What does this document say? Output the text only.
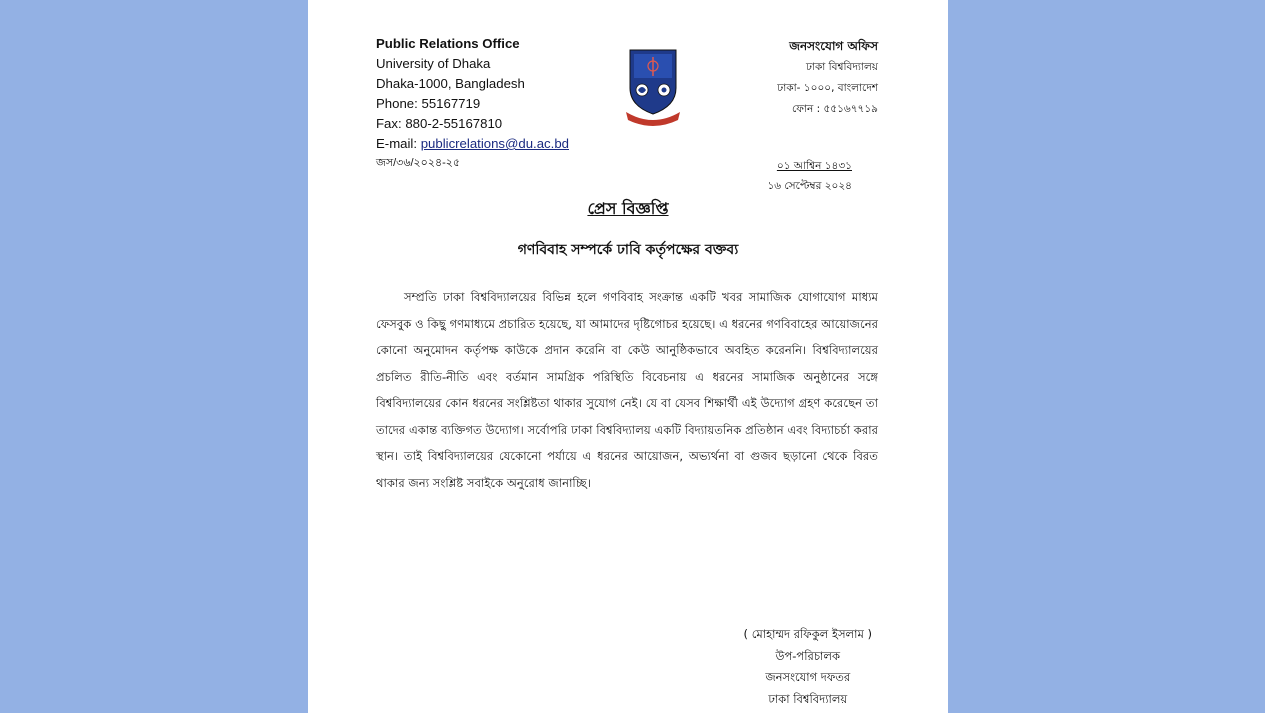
Public Relations Office
University of Dhaka
Dhaka-1000, Bangladesh
Phone: 55167719
Fax: 880-2-55167810
E-mail: publicrelations@du.ac.bd
জস/৩৬/২০২৪-২৫
জনসংযোগ অফিস
ঢাকা বিশ্ববিদ্যালয়
ঢাকা- ১০০০, বাংলাদেশ
ফোন : ৫৫১৬৭৭১৯
০১ আশ্বিন ১৪৩১
১৬ সেপ্টেম্বর ২০২৪
প্রেস বিজ্ঞপ্তি
গণবিবাহ সম্পর্কে ঢাবি কর্তৃপক্ষের বক্তব্য

সম্প্রতি ঢাকা বিশ্ববিদ্যালয়ের বিভিন্ন হলে গণবিবাহ সংক্রান্ত একটি খবর সামাজিক যোগাযোগ মাধ্যম ফেসবুক ও কিছু গণমাধ্যমে প্রচারিত হয়েছে, যা আমাদের দৃষ্টিগোচর হয়েছে। এ ধরনের গণবিবাহের আয়োজনের কোনো অনুমোদন কর্তৃপক্ষ কাউকে প্রদান করেনি বা কেউ আনুষ্ঠিকভাবে অবহিত করেননি। বিশ্ববিদ্যালয়ের প্রচলিত রীতি-নীতি এবং বর্তমান সামগ্রিক পরিস্থিতি বিবেচনায় এ ধরনের সামাজিক অনুষ্ঠানের সঙ্গে বিশ্ববিদ্যালয়ের কোন ধরনের সংশ্লিষ্টতা থাকার সুযোগ নেই। যে বা যেসব শিক্ষার্থী এই উদ্যোগ গ্রহণ করেছেন তা তাদের একান্ত ব্যক্তিগত উদ্যোগ। সর্বোপরি ঢাকা বিশ্ববিদ্যালয় একটি বিদ্যায়তনিক প্রতিষ্ঠান এবং বিদ্যাচর্চা করার স্থান। তাই বিশ্ববিদ্যালয়ের যেকোনো পর্যায়ে এ ধরনের আয়োজন, অভ্যর্থনা বা গুজব ছড়ানো থেকে বিরত থাকার জন্য সংশ্লিষ্ট সবাইকে অনুরোধ জানাচ্ছি।

( মোহাম্মদ রফিকুল ইসলাম )
উপ-পরিচালক
জনসংযোগ দফতর
ঢাকা বিশ্ববিদ্যালয়
